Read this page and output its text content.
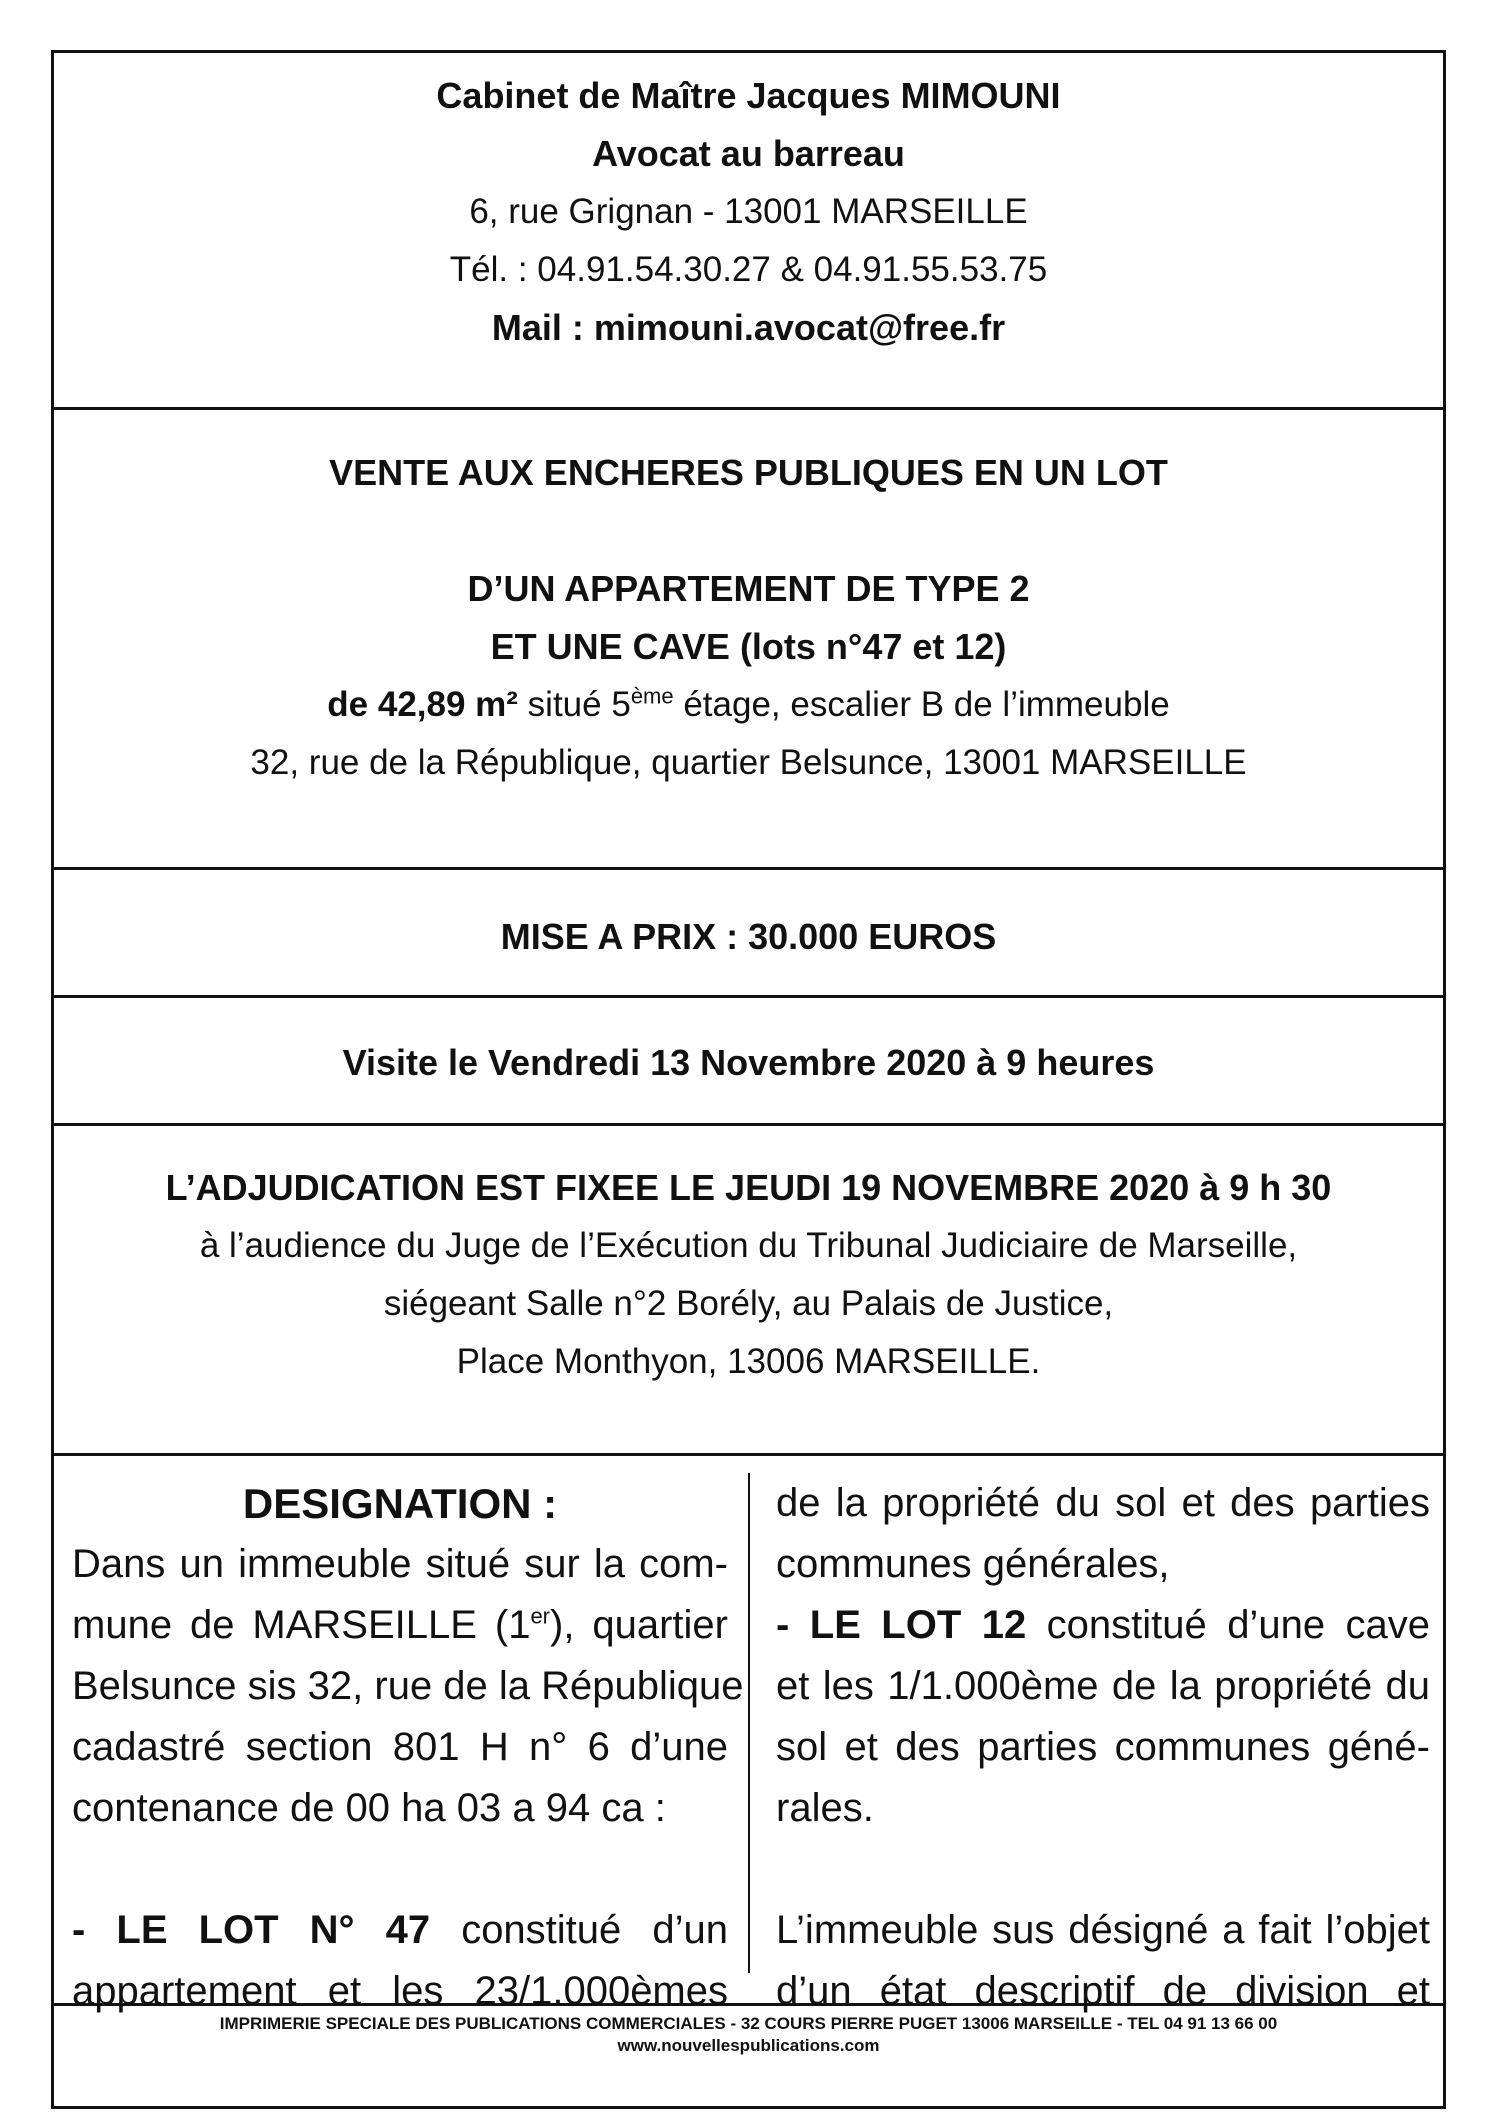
Cabinet de Maître Jacques MIMOUNI
Avocat au barreau
6, rue Grignan - 13001 MARSEILLE
Tél. : 04.91.54.30.27 & 04.91.55.53.75
Mail : mimouni.avocat@free.fr
VENTE AUX ENCHERES PUBLIQUES EN UN LOT

D’UN APPARTEMENT DE TYPE 2
ET UNE CAVE (lots n°47 et 12)
de 42,89 m² situé 5ème étage, escalier B de l’immeuble
32, rue de la République, quartier Belsunce, 13001 MARSEILLE
MISE A PRIX : 30.000 EUROS
Visite le Vendredi 13 Novembre 2020 à 9 heures
L’ADJUDICATION EST FIXEE LE JEUDI 19 NOVEMBRE 2020 à 9 h 30
à l’audience du Juge de l’Exécution du Tribunal Judiciaire de Marseille,
siégeant Salle n°2 Borély, au Palais de Justice,
Place Monthyon, 13006 MARSEILLE.
DESIGNATION :
Dans un immeuble situé sur la com-
mune de MARSEILLE (1er), quartier
Belsunce sis 32, rue de la République
cadastré section 801 H n° 6 d’une
contenance de 00 ha 03 a 94 ca :

- LE LOT N° 47 constitué d’un
appartement et les 23/1.000èmes
de la propriété du sol et des parties
communes générales,
- LE LOT 12 constitué d’une cave
et les 1/1.000ème de la propriété du
sol et des parties communes géné-
rales.

L’immeuble sus désigné a fait l’objet
d’un état descriptif de division et
IMPRIMERIE SPECIALE DES PUBLICATIONS COMMERCIALES - 32 COURS PIERRE PUGET 13006 MARSEILLE - TEL 04 91 13 66 00
www.nouvellespublications.com
